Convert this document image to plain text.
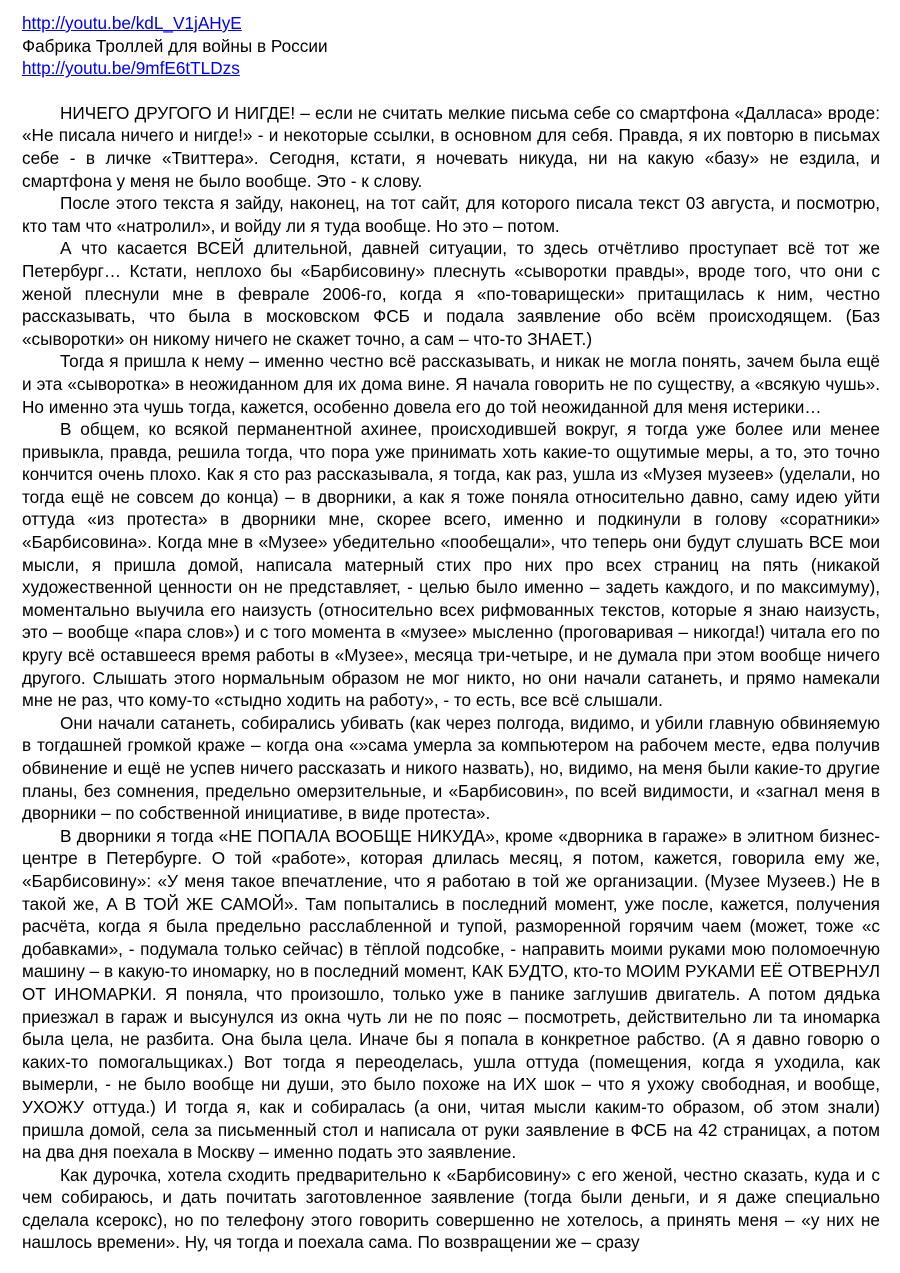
http://youtu.be/kdL_V1jAHyE

Фабрика Троллей для войны в России

http://youtu.be/9mfE6tTLDzs

НИЧЕГО ДРУГОГО И НИГДЕ! – если не считать мелкие письма себе со смартфона «Далласа» вроде: «Не писала ничего и нигде!» - и некоторые ссылки, в основном для себя. Правда, я их повторю в письмах себе - в личке «Твиттера». Сегодня, кстати, я ночевать никуда, ни на какую «базу» не ездила, и смартфона у меня не было вообще. Это - к слову.

После этого текста я зайду, наконец, на тот сайт, для которого писала текст 03 августа, и посмотрю, кто там что «натролил», и войду ли я туда вообще. Но это – потом.

А что касается ВСЕЙ длительной, давней ситуации, то здесь отчётливо проступает всё тот же Петербург… Кстати, неплохо бы «Барбисовину» плеснуть «сыворотки правды», вроде того, что они с женой плеснули мне в феврале 2006-го, когда я «по-товарищески» притащилась к ним, честно рассказывать, что была в московском ФСБ и подала заявление обо всём происходящем. (Баз «сыворотки» он никому ничего не скажет точно, а сам – что-то ЗНАЕТ.)

Тогда я пришла к нему – именно честно всё рассказывать, и никак не могла понять, зачем была ещё и эта «сыворотка» в неожиданном для их дома вине. Я начала говорить не по существу, а «всякую чушь». Но именно эта чушь тогда, кажется, особенно довела его до той неожиданной для меня истерики…

В общем, ко всякой перманентной ахинее, происходившей вокруг, я тогда уже более или менее привыкла, правда, решила тогда, что пора уже принимать хоть какие-то ощутимые меры, а то, это точно кончится очень плохо. Как я сто раз рассказывала, я тогда, как раз, ушла из «Музея музеев» (уделали, но тогда ещё не совсем до конца) – в дворники, а как я тоже поняла относительно давно, саму идею уйти оттуда «из протеста» в дворники мне, скорее всего, именно и подкинули в голову «соратники» «Барбисовина». Когда мне в «Музее» убедительно «пообещали», что теперь они будут слушать ВСЕ мои мысли, я пришла домой, написала матерный стих про них про всех страниц на пять (никакой художественной ценности он не представляет, - целью было именно – задеть каждого, и по максимуму), моментально выучила его наизусть (относительно всех рифмованных текстов, которые я знаю наизусть, это – вообще «пара слов») и с того момента в «музее» мысленно (проговаривая – никогда!) читала его по кругу всё оставшееся время работы в «Музее», месяца три-четыре, и не думала при этом вообще ничего другого. Слышать этого нормальным образом не мог никто, но они начали сатанеть, и прямо намекали мне не раз, что кому-то «стыдно ходить на работу», - то есть, все всё слышали.

Они начали сатанеть, собирались убивать (как через полгода, видимо, и убили главную обвиняемую в тогдашней громкой краже – когда она «»сама умерла за компьютером на рабочем месте, едва получив обвинение и ещё не успев ничего рассказать и никого назвать), но, видимо, на меня были какие-то другие планы, без сомнения, предельно омерзительные, и «Барбисовин», по всей видимости, и «загнал меня в дворники – по собственной инициативе, в виде протеста».

В дворники я тогда «НЕ ПОПАЛА ВООБЩЕ НИКУДА», кроме «дворника в гараже» в элитном бизнес-центре в Петербурге. О той «работе», которая длилась месяц, я потом, кажется, говорила ему же, «Барбисовину»: «У меня такое впечатление, что я работаю в той же организации. (Музее Музеев.) Не в такой же, А В ТОЙ ЖЕ САМОЙ». Там попытались в последний момент, уже после, кажется, получения расчёта, когда я была предельно расслабленной и тупой, разморенной горячим чаем (может, тоже «с добавками», - подумала только сейчас) в тёплой подсобке, - направить моими руками мою поломоечную машину – в какую-то иномарку, но в последний момент, КАК БУДТО, кто-то МОИМ РУКАМИ ЕЁ ОТВЕРНУЛ ОТ ИНОМАРКИ. Я поняла, что произошло, только уже в панике заглушив двигатель. А потом дядька приезжал в гараж и высунулся из окна чуть ли не по пояс – посмотреть, действительно ли та иномарка была цела, не разбита. Она была цела. Иначе бы я попала в конкретное рабство. (А я давно говорю о каких-то помогальщиках.) Вот тогда я переоделась, ушла оттуда (помещения, когда я уходила, как вымерли, - не было вообще ни души, это было похоже на ИХ шок – что я ухожу свободная, и вообще, УХОЖУ оттуда.) И тогда я, как и собиралась (а они, читая мысли каким-то образом, об этом знали) пришла домой, села за письменный стол и написала от руки заявление в ФСБ на 42 страницах, а потом на два дня поехала в Москву – именно подать это заявление.

Как дурочка, хотела сходить предварительно к «Барбисовину» с его женой, честно сказать, куда и с чем собираюсь, и дать почитать заготовленное заявление (тогда были деньги, и я даже специально сделала ксерокс), но по телефону этого говорить совершенно не хотелось, а принять меня – «у них не нашлось времени». Ну, чя тогда и поехала сама. По возвращении же – сразу
